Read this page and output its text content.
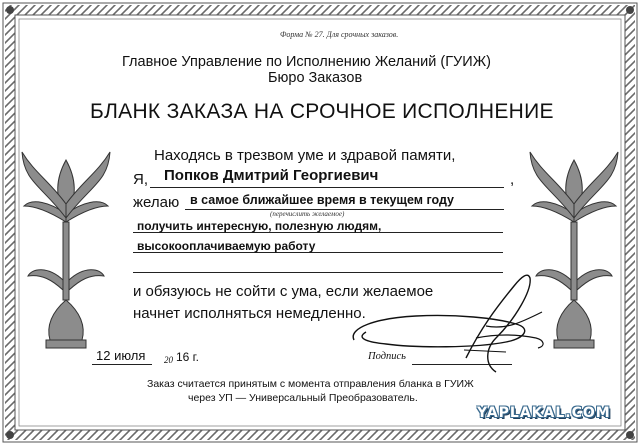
Форма № 27. Для срочных заказов.
Главное Управление по Исполнению Желаний (ГУИЖ)
Бюро Заказов
БЛАНК ЗАКАЗА НА СРОЧНОЕ ИСПОЛНЕНИЕ
Находясь в трезвом уме и здравой памяти,
Я,	,
Попков Дмитрий Георгиевич
желаю в самое ближайшее время в текущем году
(перечислить желаемое)
получить интересную, полезную людям,
высокооплачиваемую работу
и обязуюсь не сойти с ума, если желаемое
начнет исполняться немедленно.
12 июля 20 16 г.	Подпись
Заказ считается принятым с момента отправления бланка в ГУИЖ
через УП — Универсальный Преобразователь.
YAPLAKAL.COM
